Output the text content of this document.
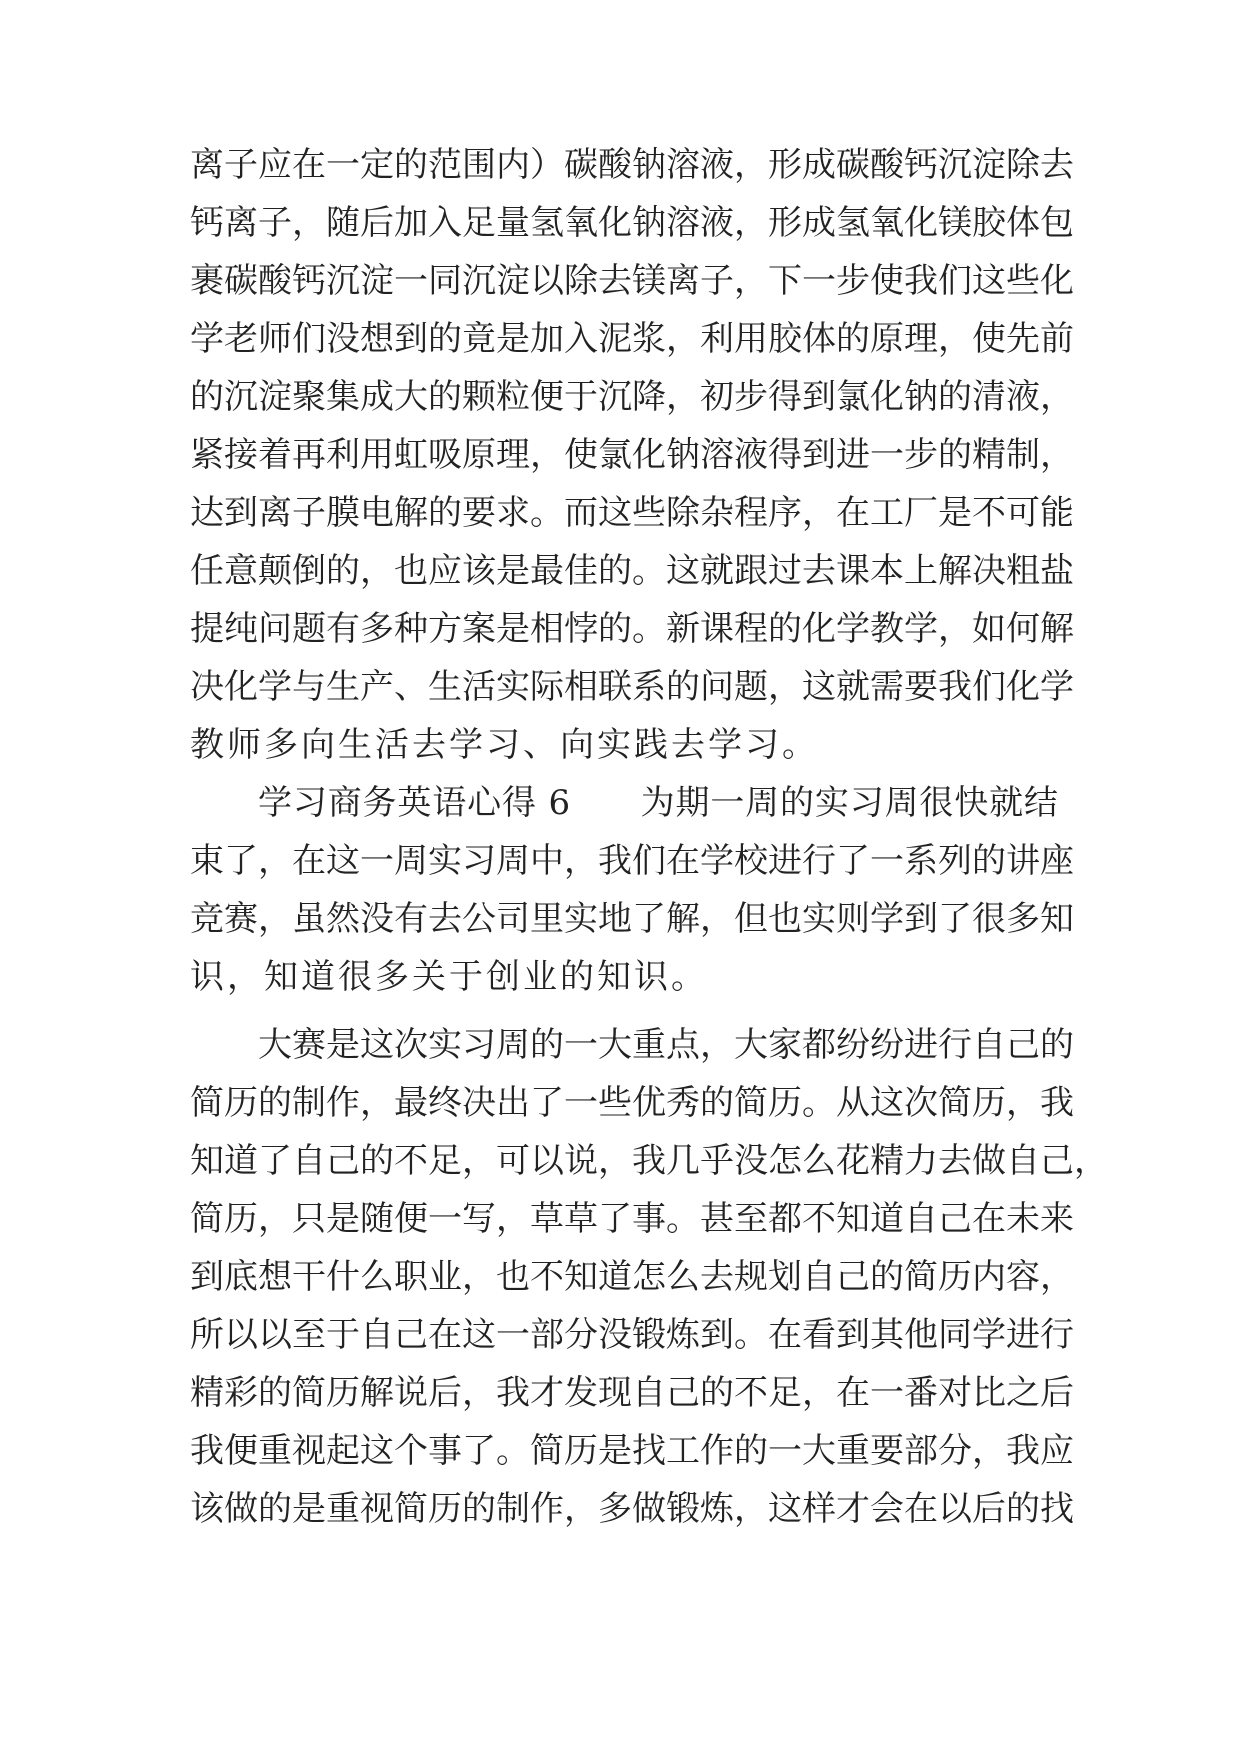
离子应在一定的范围内）碳酸钠溶液，形成碳酸钙沉淀除去
钙离子，随后加入足量氢氧化钠溶液，形成氢氧化镁胶体包
裹碳酸钙沉淀一同沉淀以除去镁离子，下一步使我们这些化
学老师们没想到的竟是加入泥浆，利用胶体的原理，使先前
的沉淀聚集成大的颗粒便于沉降，初步得到氯化钠的清液，
紧接着再利用虹吸原理，使氯化钠溶液得到进一步的精制，
达到离子膜电解的要求。而这些除杂程序，在工厂是不可能
任意颠倒的，也应该是最佳的。这就跟过去课本上解决粗盐
提纯问题有多种方案是相悖的。新课程的化学教学，如何解
决化学与生产、生活实际相联系的问题，这就需要我们化学
教师多向生活去学习、向实践去学习。
学习商务英语心得 6　　为期一周的实习周很快就结
束了，在这一周实习周中，我们在学校进行了一系列的讲座
竞赛，虽然没有去公司里实地了解，但也实则学到了很多知
识，知道很多关于创业的知识。
大赛是这次实习周的一大重点，大家都纷纷进行自己的
简历的制作，最终决出了一些优秀的简历。从这次简历，我
知道了自己的不足，可以说，我几乎没怎么花精力去做自己，
简历，只是随便一写，草草了事。甚至都不知道自己在未来
到底想干什么职业，也不知道怎么去规划自己的简历内容，
所以以至于自己在这一部分没锻炼到。在看到其他同学进行
精彩的简历解说后，我才发现自己的不足，在一番对比之后
我便重视起这个事了。简历是找工作的一大重要部分，我应
该做的是重视简历的制作，多做锻炼，这样才会在以后的找
